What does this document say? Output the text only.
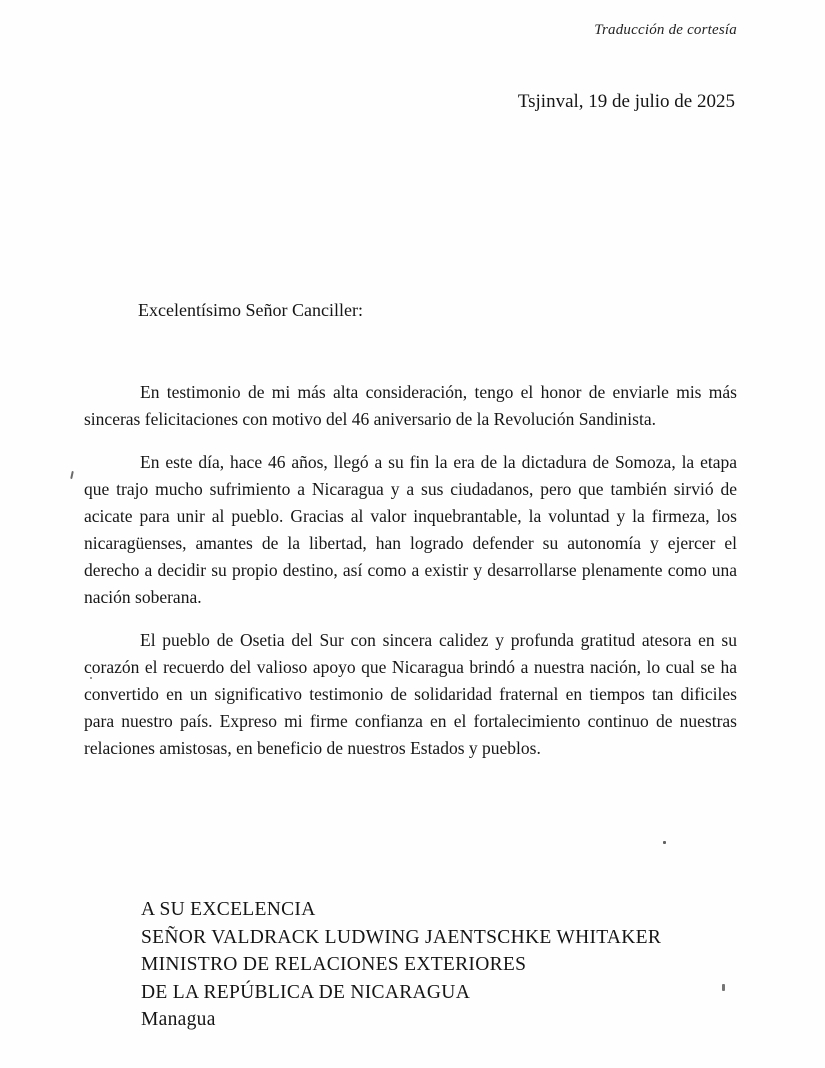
Traducción de cortesía
Tsjinval, 19 de julio de 2025
Excelentísimo Señor Canciller:

En testimonio de mi más alta consideración, tengo el honor de enviarle mis más sinceras felicitaciones con motivo del 46 aniversario de la Revolución Sandinista.

En este día, hace 46 años, llegó a su fin la era de la dictadura de Somoza, la etapa que trajo mucho sufrimiento a Nicaragua y a sus ciudadanos, pero que también sirvió de acicate para unir al pueblo. Gracias al valor inquebrantable, la voluntad y la firmeza, los nicaragüenses, amantes de la libertad, han logrado defender su autonomía y ejercer el derecho a decidir su propio destino, así como a existir y desarrollarse plenamente como una nación soberana.

El pueblo de Osetia del Sur con sincera calidez y profunda gratitud atesora en su corazón el recuerdo del valioso apoyo que Nicaragua brindó a nuestra nación, lo cual se ha convertido en un significativo testimonio de solidaridad fraternal en tiempos tan dificiles para nuestro país. Expreso mi firme confianza en el fortalecimiento continuo de nuestras relaciones amistosas, en beneficio de nuestros Estados y pueblos.

A SU EXCELENCIA
SEÑOR VALDRACK LUDWING JAENTSCHKE WHITAKER
MINISTRO DE RELACIONES EXTERIORES
DE LA REPÚBLICA DE NICARAGUA
Managua
